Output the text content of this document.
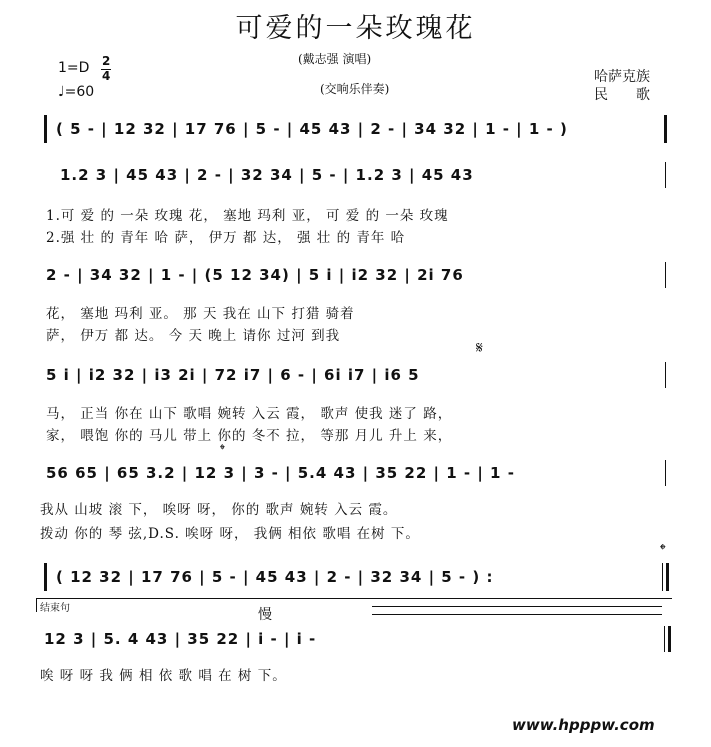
可爱的一朵玫瑰花
(戴志强 演唱)
(交响乐伴奏)
1=D 2
4
♩=60
哈萨克族
民　　歌
( 5 - | 12 32 | 17 76 | 5 - | 45 43 | 2 - | 34 32 | 1 - | 1 - )
1.2 3 | 45 43 | 2 - | 32 34 | 5 - | 1.2 3 | 45 43
1.可 爱 的 一朵 玫瑰 花， 塞地 玛利 亚， 可 爱 的 一朵 玫瑰
2.强 壮 的 青年 哈 萨， 伊万 都 达， 强 壮 的 青年 哈
2 - | 34 32 | 1 - | (5 12 34) | 5 i | i2 32 | 2i 76
花， 塞地 玛利 亚。 那 天 我在 山下 打猎 骑着
萨， 伊万 都 达。 今 天 晚上 请你 过河 到我
𝄋
5 i | i2 32 | i3 2i | 72 i7 | 6 - | 6i i7 | i6 5
马， 正当 你在 山下 歌唱 婉转 入云 霞， 歌声 使我 迷了 路，
家， 喂饱 你的 马儿 带上 你的 冬不 拉， 等那 月儿 升上 来，
𝄌
56 65 | 65 3.2 | 12 3 | 3 - | 5.4 43 | 35 22 | 1 - | 1 -
我从 山坡 滚 下， 唉呀 呀， 你的 歌声 婉转 入云 霞。
拨动 你的 琴 弦,D.S. 唉呀 呀， 我俩 相依 歌唱 在树 下。
𝄌
( 12 32 | 17 76 | 5 - | 45 43 | 2 - | 32 34 | 5 - ) :
结束句	慢
12 3 | 5. 4 43 | 35 22 | i - | i -
唉 呀 呀 我 俩 相 依 歌 唱 在 树 下。
www.hpppw.com
